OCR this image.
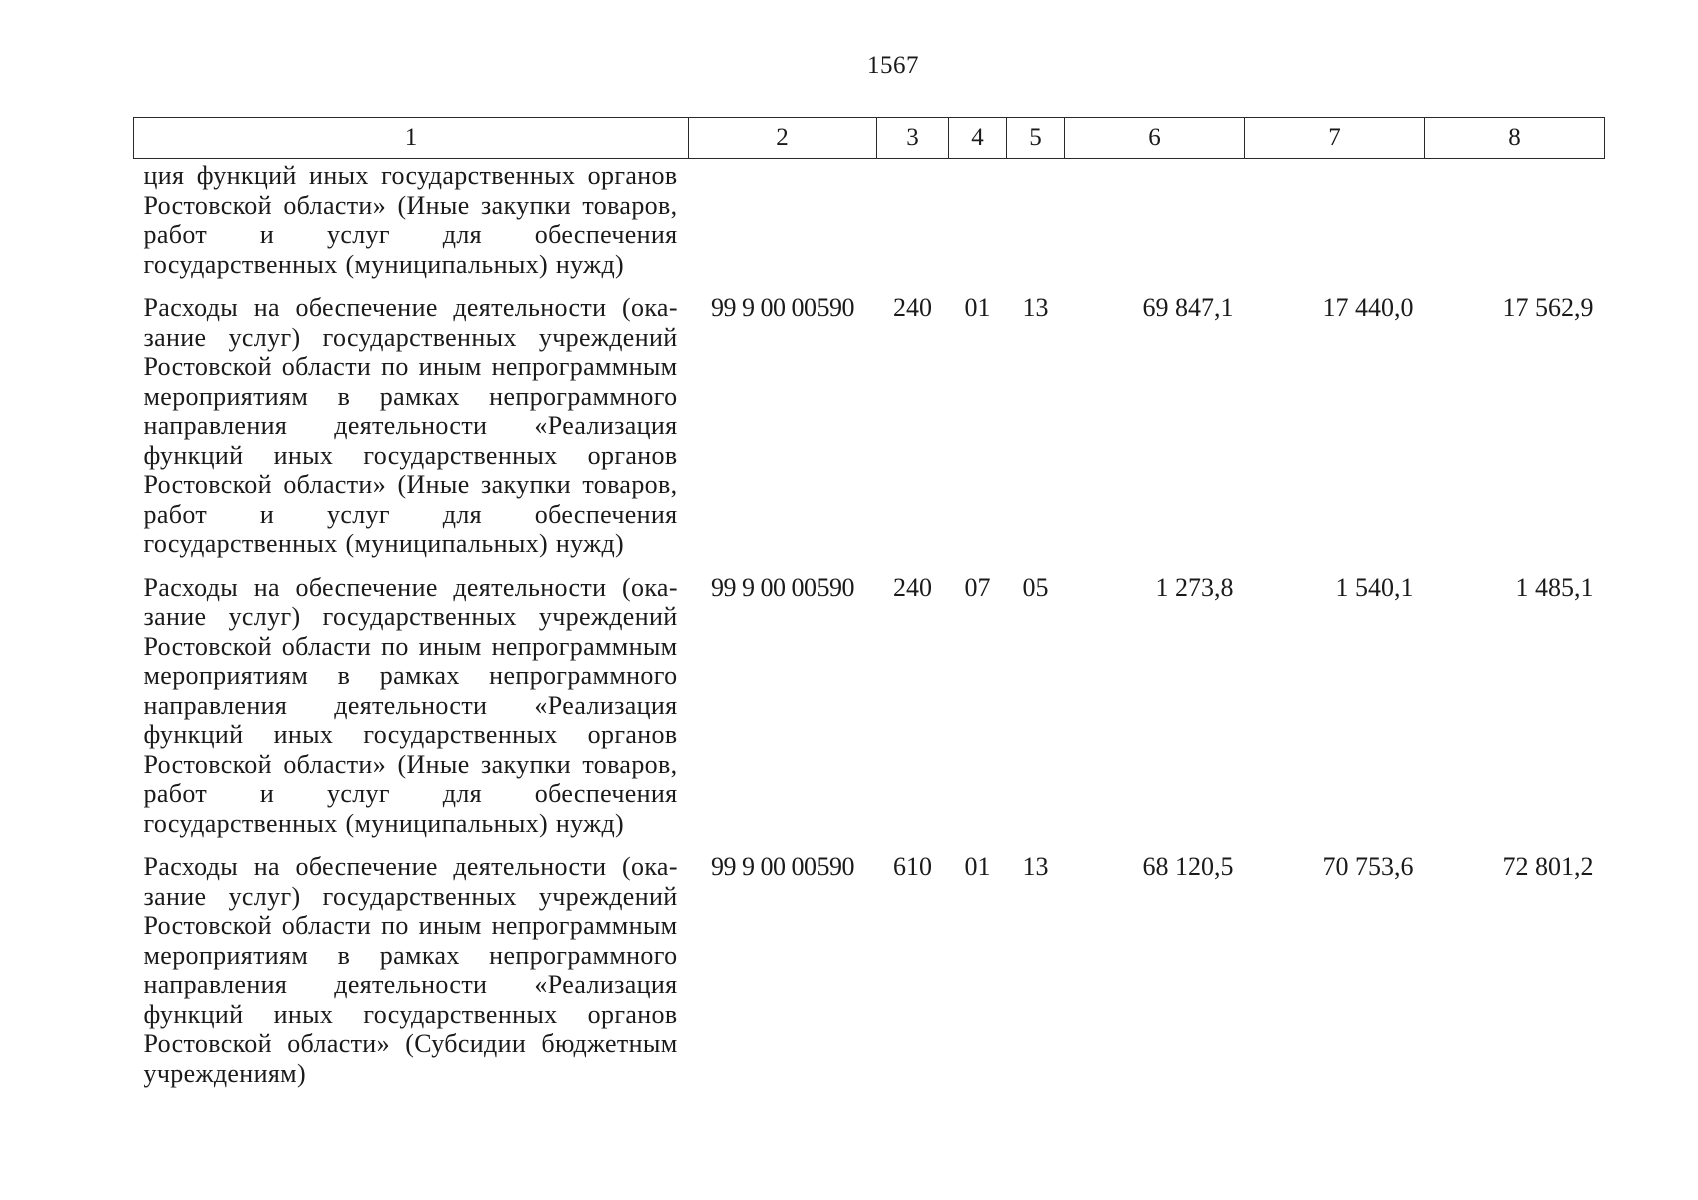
1567
1	2	3	4	5	6	7	8
ция функций иных государственных органов Ростовской области» (Иные закупки товаров, работ и услуг для обеспечения государственных (муниципальных) нужд)							
Расходы на обеспечение деятельности (оказание услуг) государственных учреждений Ростовской области по иным непрограммным мероприятиям в рамках непрограммного направления деятельности «Реализация функций иных государственных органов Ростовской области» (Иные закупки товаров, работ и услуг для обеспечения государственных (муниципальных) нужд)	99 9 00 00590	240	01	13	69 847,1	17 440,0	17 562,9
Расходы на обеспечение деятельности (оказание услуг) государственных учреждений Ростовской области по иным непрограммным мероприятиям в рамках непрограммного направления деятельности «Реализация функций иных государственных органов Ростовской области» (Иные закупки товаров, работ и услуг для обеспечения государственных (муниципальных) нужд)	99 9 00 00590	240	07	05	1 273,8	1 540,1	1 485,1
Расходы на обеспечение деятельности (оказание услуг) государственных учреждений Ростовской области по иным непрограммным мероприятиям в рамках непрограммного направления деятельности «Реализация функций иных государственных органов Ростовской области» (Субсидии бюджетным учреждениям)	99 9 00 00590	610	01	13	68 120,5	70 753,6	72 801,2
